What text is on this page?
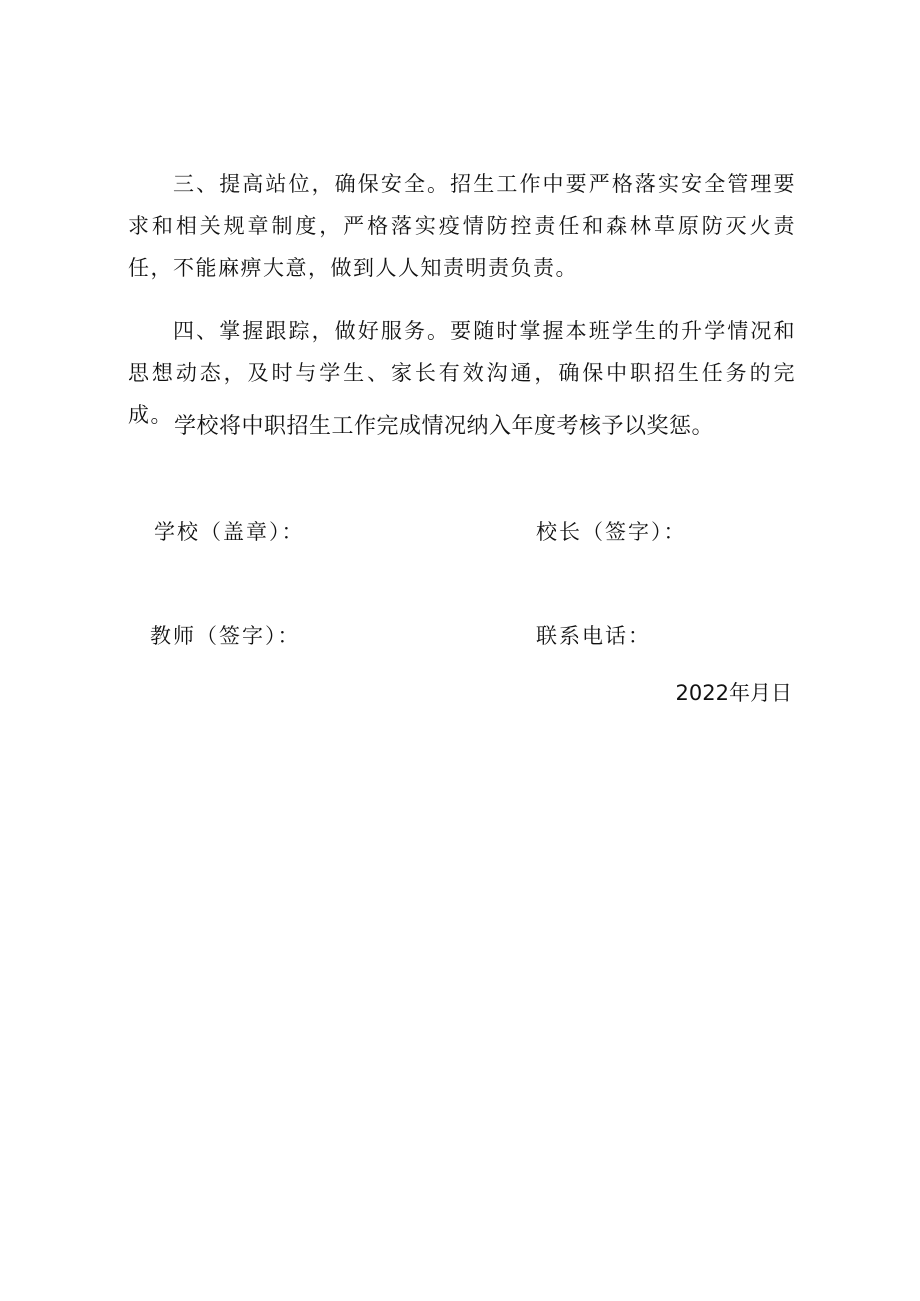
三、提高站位，确保安全。招生工作中要严格落实安全管理要求和相关规章制度，严格落实疫情防控责任和森林草原防灭火责任，不能麻痹大意，做到人人知责明责负责。

四、掌握跟踪，做好服务。要随时掌握本班学生的升学情况和思想动态，及时与学生、家长有效沟通，确保中职招生任务的完成。 学校将中职招生工作完成情况纳入年度考核予以奖惩。
学校（盖章）：	校长（签字）：
教师（签字）：	联系电话：
2022年月日
